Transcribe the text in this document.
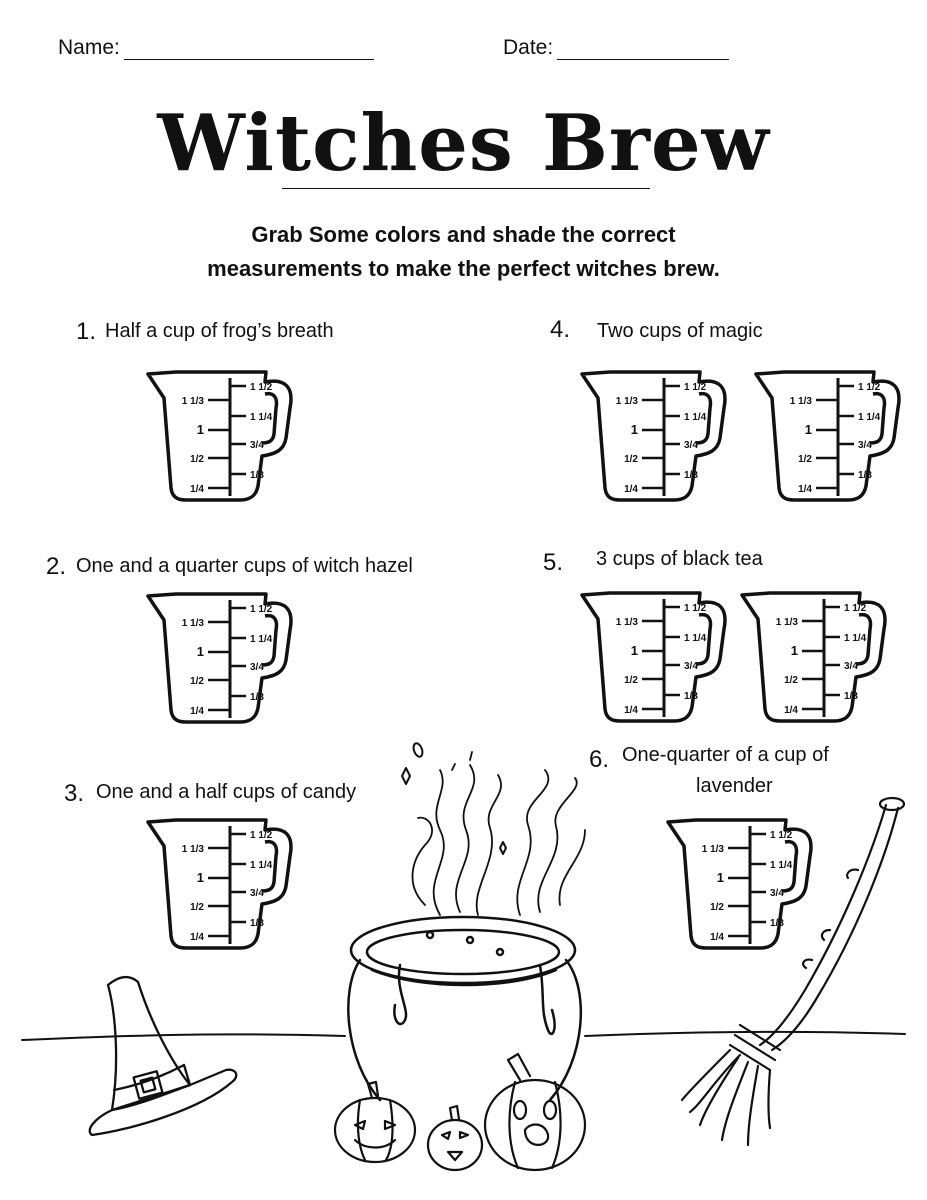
Name:	Date:
Witches Brew
Grab Some colors and shade the correct
measurements to make the perfect witches brew.
1. Half a cup of frog’s breath
2. One and a quarter cups of witch hazel
3. One and a half cups of candy
4. Two cups of magic
5. 3 cups of black tea
6. One-quarter of a cup of
lavender
1 1/3
1
1/2
1/4
1 1/2
1 1/4
3/4
1/3
1 1/3
1
1/2
1/4
1 1/2
1 1/4
3/4
1/3
1 1/3
1
1/2
1/4
1 1/2
1 1/4
3/4
1/3
1 1/3
1
1/2
1/4
1 1/2
1 1/4
3/4
1/3
1 1/3
1
1/2
1/4
1 1/2
1 1/4
3/4
1/3
1 1/3
1
1/2
1/4
1 1/2
1 1/4
3/4
1/3
1 1/3
1
1/2
1/4
1 1/2
1 1/4
3/4
1/3
1 1/3
1
1/2
1/4
1 1/2
1 1/4
3/4
1/3
